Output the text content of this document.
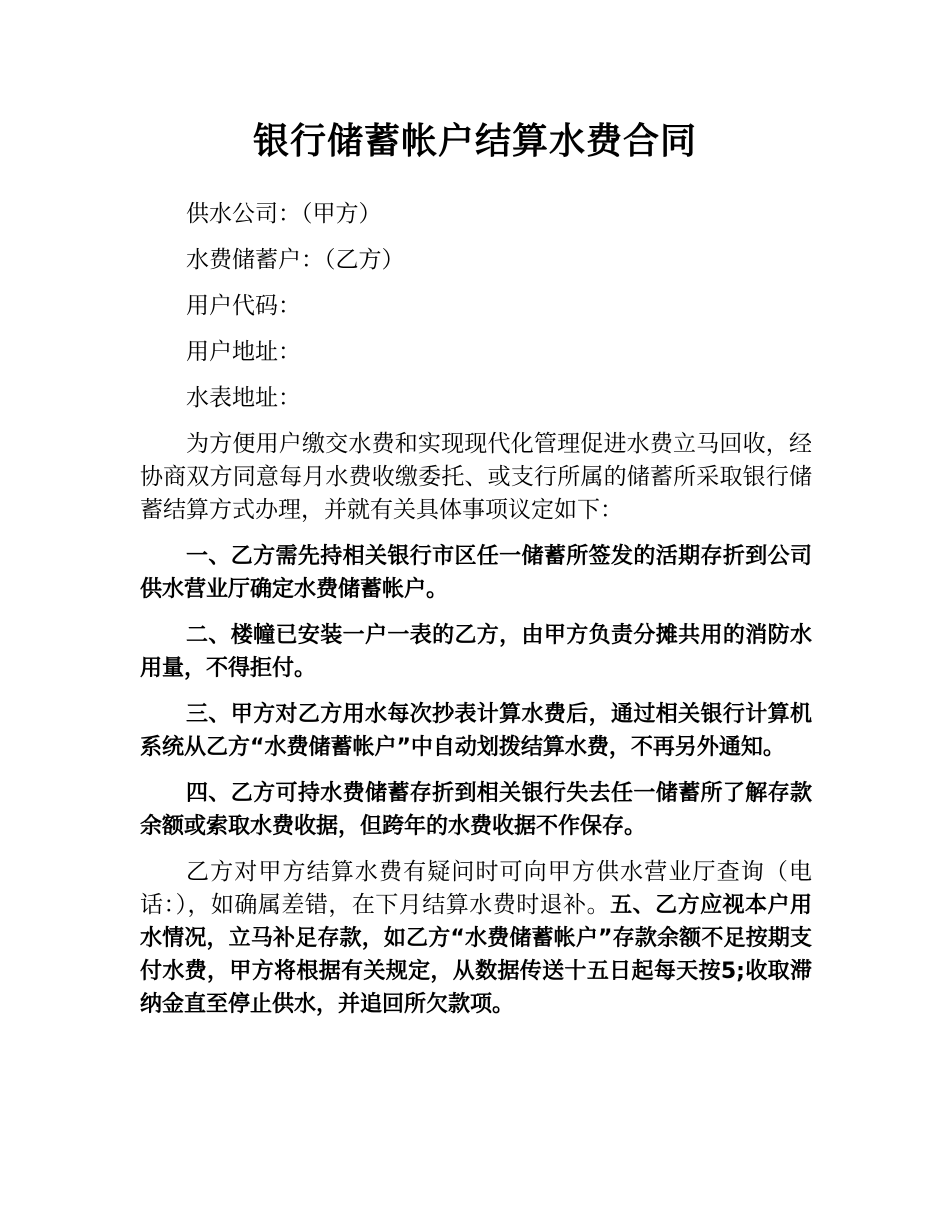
银行储蓄帐户结算水费合同
供水公司：（甲方）
水费储蓄户：（乙方）
用户代码：
用户地址：
水表地址：

为方便用户缴交水费和实现现代化管理促进水费立马回收，经协商双方同意每月水费收缴委托、或支行所属的储蓄所采取银行储蓄结算方式办理，并就有关具体事项议定如下：

一、乙方需先持相关银行市区任一储蓄所签发的活期存折到公司供水营业厅确定水费储蓄帐户。

二、楼幢已安装一户一表的乙方，由甲方负责分摊共用的消防水用量，不得拒付。

三、甲方对乙方用水每次抄表计算水费后，通过相关银行计算机系统从乙方“水费储蓄帐户”中自动划拨结算水费，不再另外通知。

四、乙方可持水费储蓄存折到相关银行失去任一储蓄所了解存款余额或索取水费收据，但跨年的水费收据不作保存。

乙方对甲方结算水费有疑问时可向甲方供水营业厅查询（电话：），如确属差错，在下月结算水费时退补。五、乙方应视本户用水情况，立马补足存款，如乙方“水费储蓄帐户”存款余额不足按期支付水费，甲方将根据有关规定，从数据传送十五日起每天按5;收取滞纳金直至停止供水，并追回所欠款项。
